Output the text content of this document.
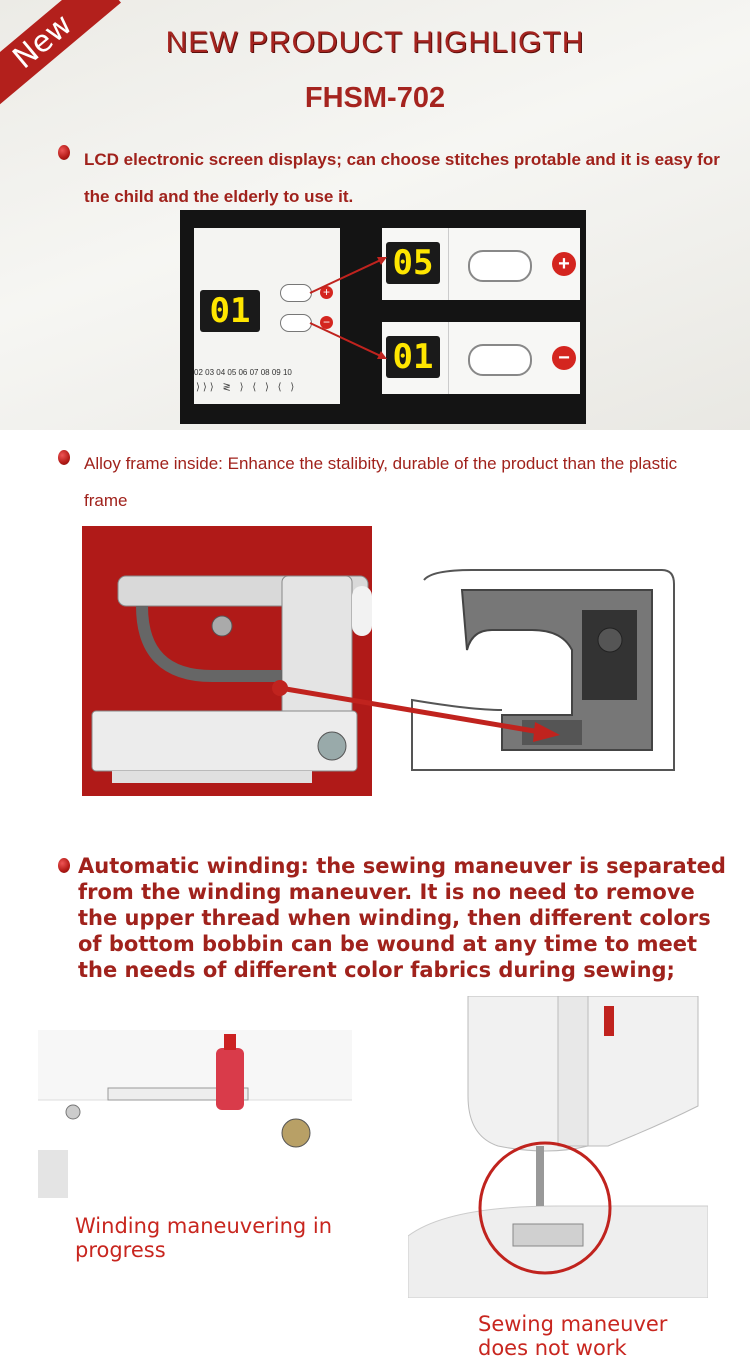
New	NEW PRODUCT HIGHLIGTH
FHSM-702
LCD electronic screen displays; can choose stitches protable and it is easy for the child and the elderly to use it.
01	+
−
02 03 04 05 06 07 08 09 10
⟩⟩⟩ ≷ ⟩ ⟨ ⟩ ⟨ ⟩
05	+
01	−
Alloy frame inside: Enhance the stalibity, durable of the product than the plastic frame
Automatic winding: the sewing maneuver is separated from the winding maneuver. It is no need to remove the upper thread when winding, then different colors of bottom bobbin can be wound at any time to meet the needs of different color fabrics during sewing;
Winding maneuvering in progress
Sewing maneuver does not work
